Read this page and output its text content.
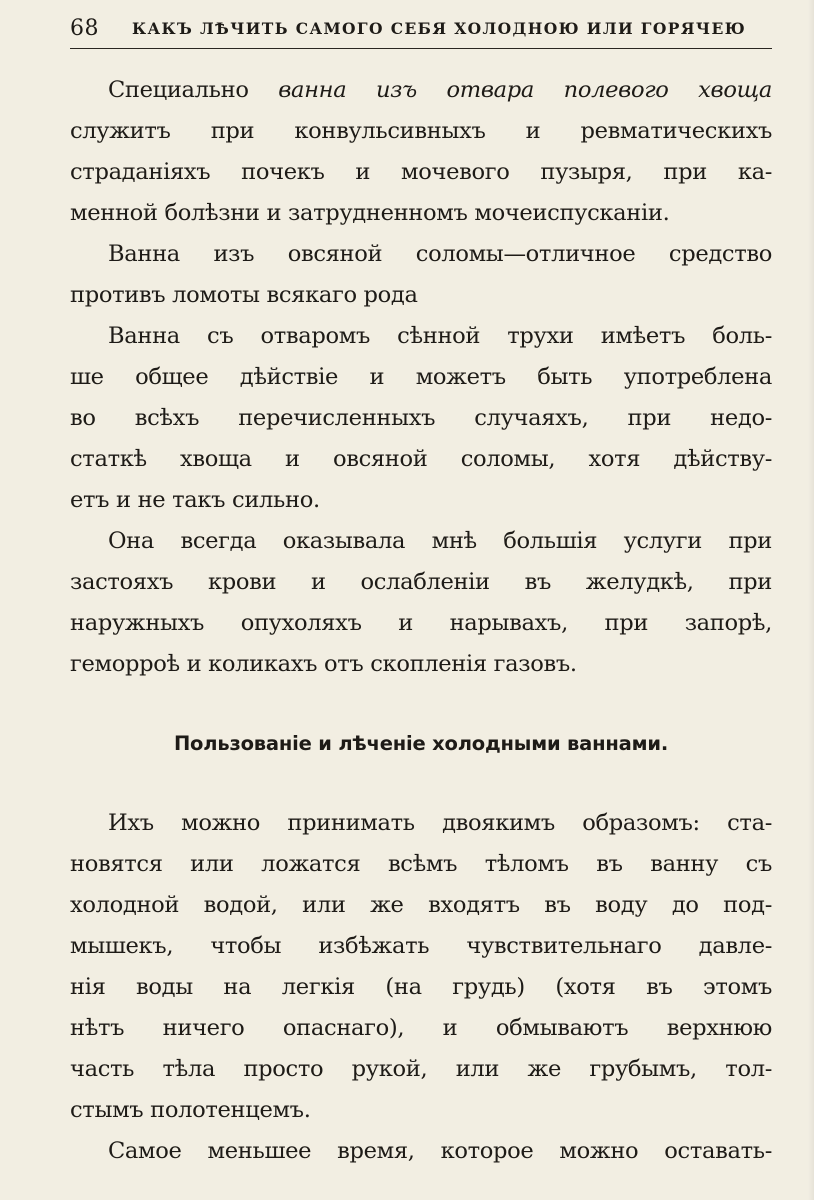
68 КАКЪ ЛѢЧИТЬ САМОГО СЕБЯ ХОЛОДНОЮ ИЛИ ГОРЯЧЕЮ
Специально ванна изъ отвара полевого хвоща
служитъ при конвульсивныхъ и ревматическихъ
страданіяхъ почекъ и мочевого пузыря, при ка-
менной болѣзни и затрудненномъ мочеиспусканіи.
Ванна изъ овсяной соломы—отличное средство
противъ ломоты всякаго рода
Ванна съ отваромъ сѣнной трухи имѣетъ боль-
ше общее дѣйствіе и можетъ быть употреблена
во всѣхъ перечисленныхъ случаяхъ, при недо-
статкѣ хвоща и овсяной соломы, хотя дѣйству-
етъ и не такъ сильно.
Она всегда оказывала мнѣ большія услуги при
застояхъ крови и ослабленіи въ желудкѣ, при
наружныхъ опухоляхъ и нарывахъ, при запорѣ,
геморроѣ и коликахъ отъ скопленія газовъ.
Пользованіе и лѣченіе холодными ваннами.
Ихъ можно принимать двоякимъ образомъ: ста-
новятся или ложатся всѣмъ тѣломъ въ ванну съ
холодной водой, или же входятъ въ воду до под-
мышекъ, чтобы избѣжать чувствительнаго давле-
нія воды на легкія (на грудь) (хотя въ этомъ
нѣтъ ничего опаснаго), и обмываютъ верхнюю
часть тѣла просто рукой, или же грубымъ, тол-
стымъ полотенцемъ.
Самое меньшее время, которое можно оставать-
